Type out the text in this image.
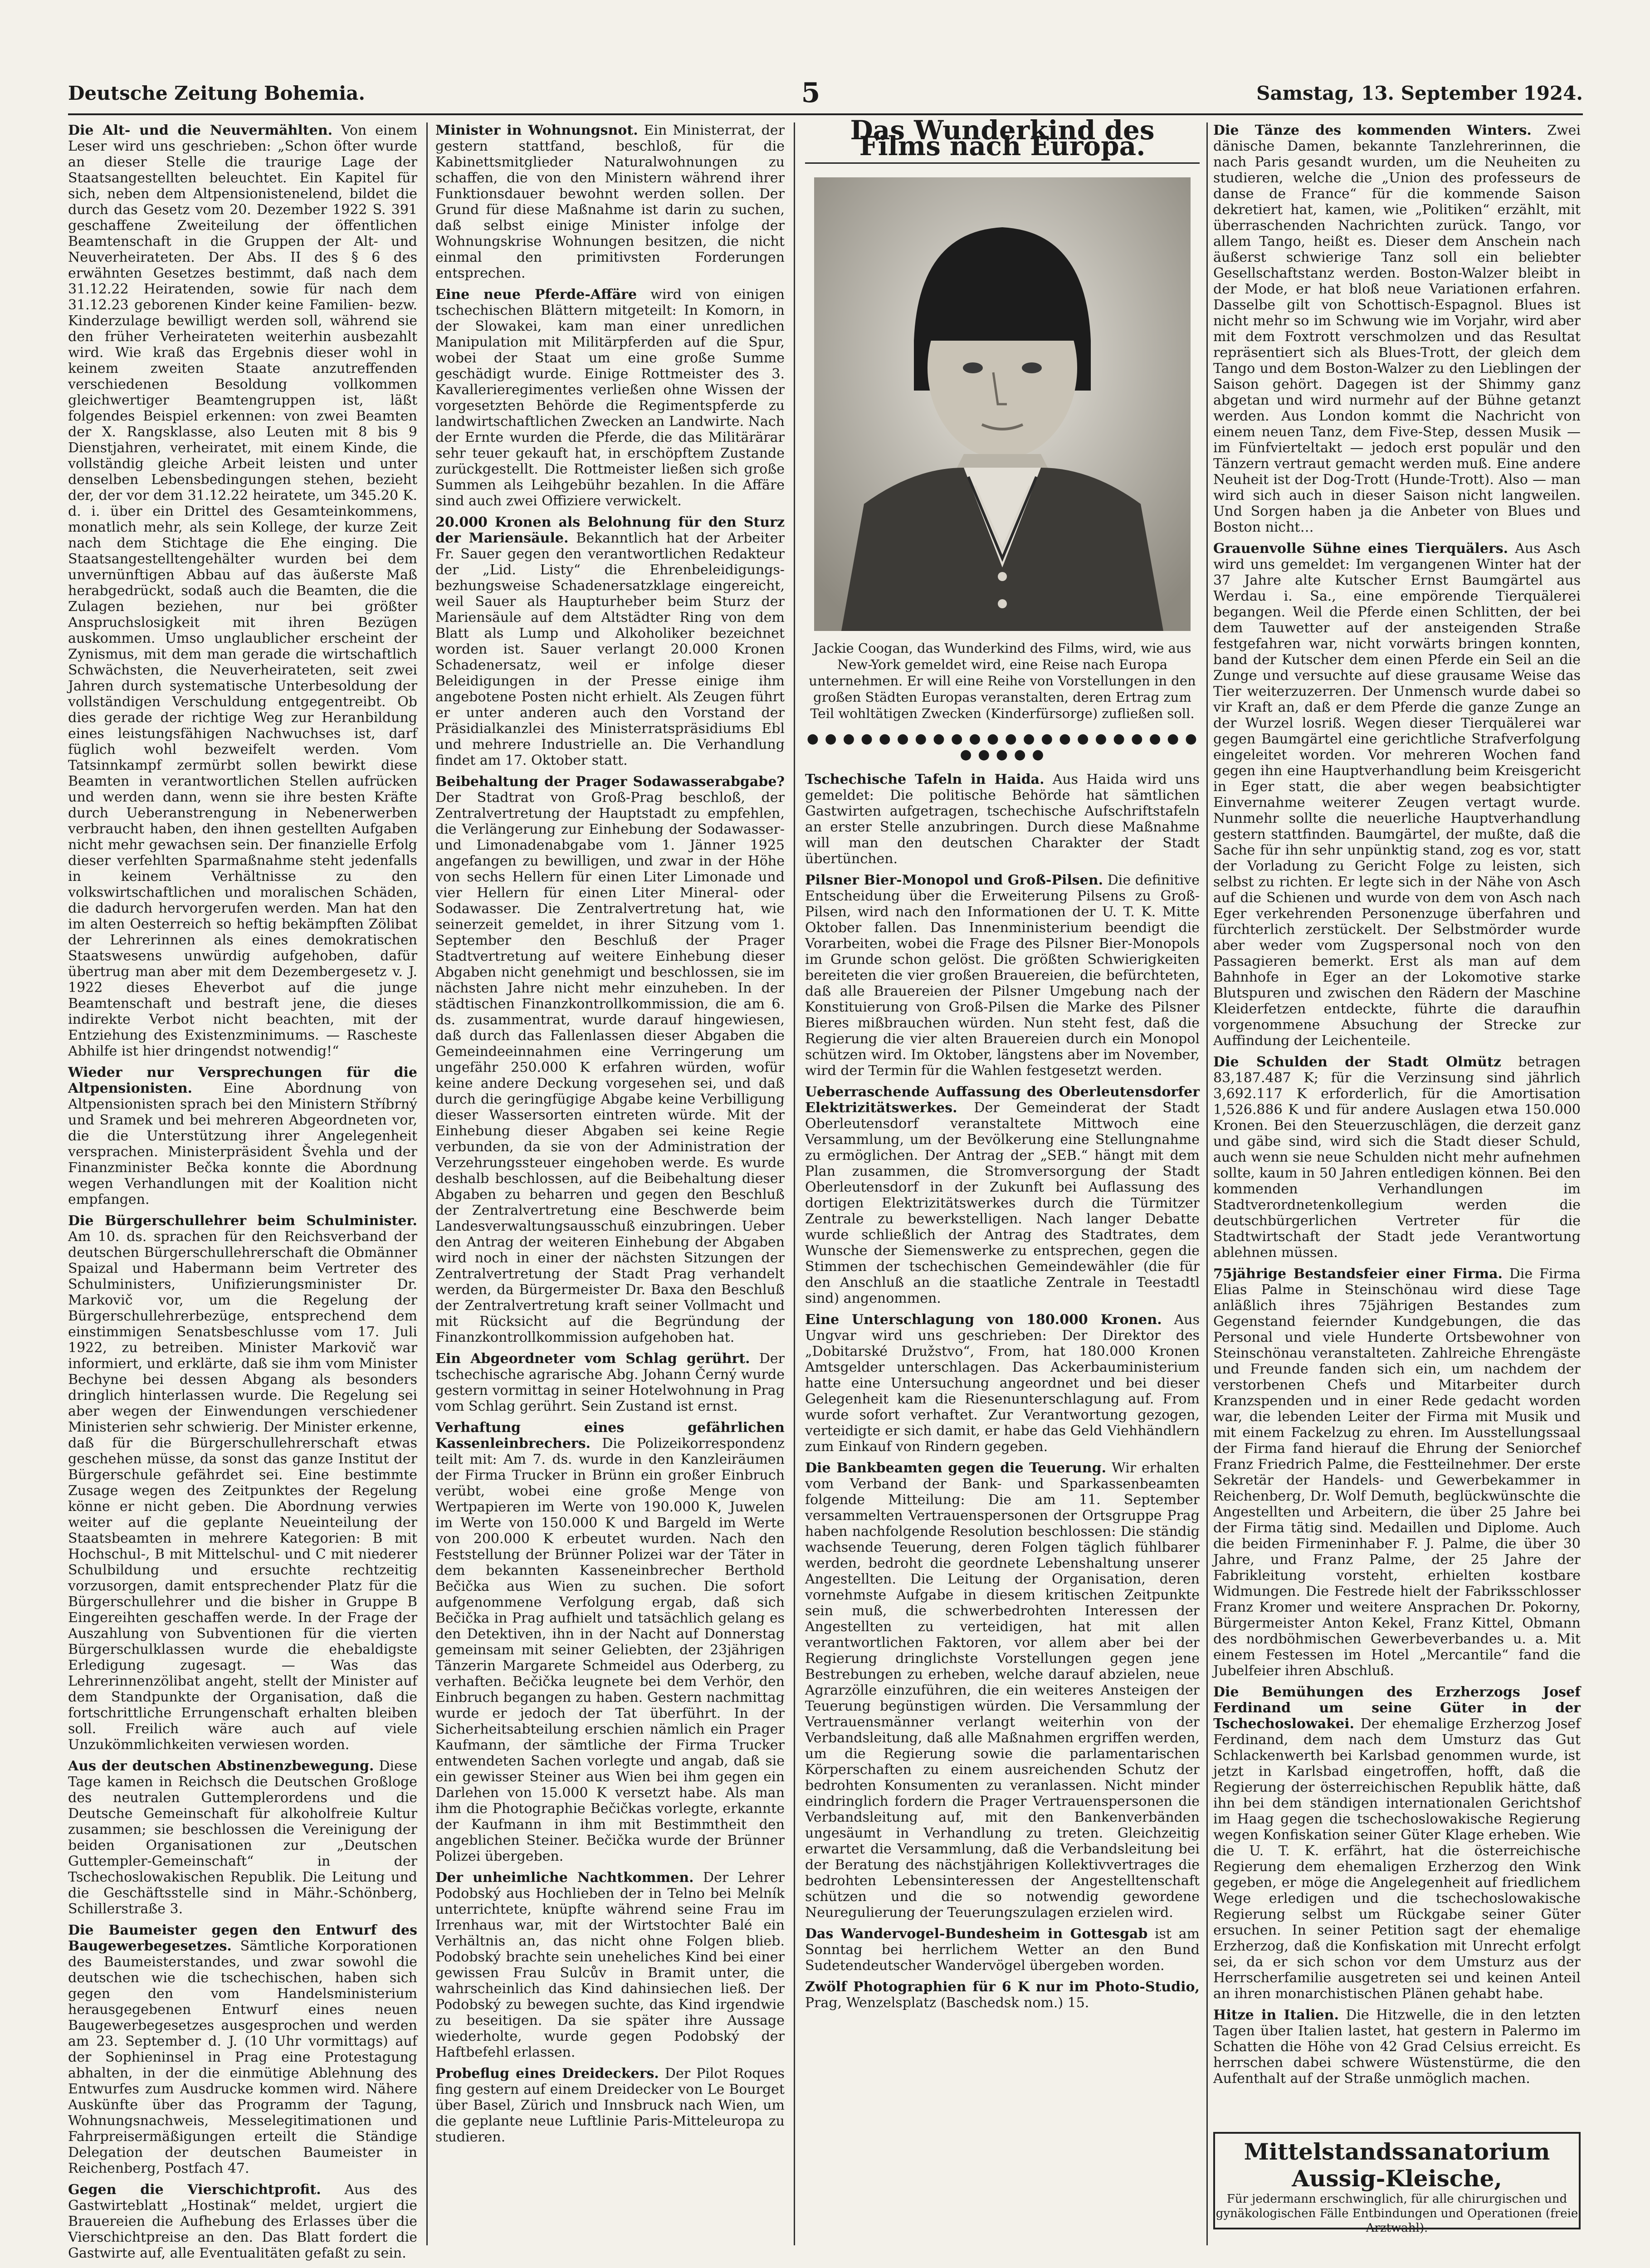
Deutsche Zeitung Bohemia.	5	Samstag, 13. September 1924.
Die Alt- und die Neuvermählten. Von einem Leser wird uns geschrieben: „Schon öfter wurde an dieser Stelle die traurige Lage der Staatsangestellten beleuchtet. Ein Kapitel für sich, neben dem Altpensionistenelend, bildet die durch das Gesetz vom 20. Dezember 1922 S. 391 geschaffene Zweiteilung der öffentlichen Beamtenschaft in die Gruppen der Alt- und Neuverheirateten. Der Abs. II des § 6 des erwähnten Gesetzes bestimmt, daß nach dem 31.12.22 Heiratenden, sowie für nach dem 31.12.23 geborenen Kinder keine Familien- bezw. Kinderzulage bewilligt werden soll, während sie den früher Verheirateten weiterhin ausbezahlt wird. Wie kraß das Ergebnis dieser wohl in keinem zweiten Staate anzutreffenden verschiedenen Besoldung vollkommen gleichwertiger Beamtengruppen ist, läßt folgendes Beispiel erkennen: von zwei Beamten der X. Rangsklasse, also Leuten mit 8 bis 9 Dienstjahren, verheiratet, mit einem Kinde, die vollständig gleiche Arbeit leisten und unter denselben Lebensbedingungen stehen, bezieht der, der vor dem 31.12.22 heiratete, um 345.20 K. d. i. über ein Drittel des Gesamteinkommens, monatlich mehr, als sein Kollege, der kurze Zeit nach dem Stichtage die Ehe einging. Die Staatsangestelltengehälter wurden bei dem unvernünftigen Abbau auf das äußerste Maß herabgedrückt, sodaß auch die Beamten, die die Zulagen beziehen, nur bei größter Anspruchslosigkeit mit ihren Bezügen auskommen. Umso unglaublicher erscheint der Zynismus, mit dem man gerade die wirtschaftlich Schwächsten, die Neuverheirateten, seit zwei Jahren durch systematische Unterbesoldung der vollständigen Verschuldung entgegentreibt. Ob dies gerade der richtige Weg zur Heranbildung eines leistungsfähigen Nachwuchses ist, darf füglich wohl bezweifelt werden. Vom Tatsinnkampf zermürbt sollen bewirkt diese Beamten in verantwortlichen Stellen aufrücken und werden dann, wenn sie ihre besten Kräfte durch Ueberanstrengung in Nebenerwerben verbraucht haben, den ihnen gestellten Aufgaben nicht mehr gewachsen sein. Der finanzielle Erfolg dieser verfehlten Sparmaßnahme steht jedenfalls in keinem Verhältnisse zu den volkswirtschaftlichen und moralischen Schäden, die dadurch hervorgerufen werden. Man hat den im alten Oesterreich so heftig bekämpften Zölibat der Lehrerinnen als eines demokratischen Staatswesens unwürdig aufgehoben, dafür übertrug man aber mit dem Dezembergesetz v. J. 1922 dieses Eheverbot auf die junge Beamtenschaft und bestraft jene, die dieses indirekte Verbot nicht beachten, mit der Entziehung des Existenzminimums. — Rascheste Abhilfe ist hier dringendst notwendig!“
Wieder nur Versprechungen für die Altpensionisten. Eine Abordnung von Altpensionisten sprach bei den Ministern Stříbrný und Sramek und bei mehreren Abgeordneten vor, die die Unterstützung ihrer Angelegenheit versprachen. Ministerpräsident Švehla und der Finanzminister Bečka konnte die Abordnung wegen Verhandlungen mit der Koalition nicht empfangen.
Die Bürgerschullehrer beim Schulminister. Am 10. ds. sprachen für den Reichsverband der deutschen Bürgerschullehrerschaft die Obmänner Spaizal und Habermann beim Vertreter des Schulministers, Unifizierungsminister Dr. Markovič vor, um die Regelung der Bürgerschullehrerbezüge, entsprechend dem einstimmigen Senatsbeschlusse vom 17. Juli 1922, zu betreiben. Minister Markovič war informiert, und erklärte, daß sie ihm vom Minister Bechyne bei dessen Abgang als besonders dringlich hinterlassen wurde. Die Regelung sei aber wegen der Einwendungen verschiedener Ministerien sehr schwierig. Der Minister erkenne, daß für die Bürgerschullehrerschaft etwas geschehen müsse, da sonst das ganze Institut der Bürgerschule gefährdet sei. Eine bestimmte Zusage wegen des Zeitpunktes der Regelung könne er nicht geben. Die Abordnung verwies weiter auf die geplante Neueinteilung der Staatsbeamten in mehrere Kategorien: B mit Hochschul-, B mit Mittelschul- und C mit niederer Schulbildung und ersuchte rechtzeitig vorzusorgen, damit entsprechender Platz für die Bürgerschullehrer und die bisher in Gruppe B Eingereihten geschaffen werde. In der Frage der Auszahlung von Subventionen für die vierten Bürgerschulklassen wurde die ehebaldigste Erledigung zugesagt. — Was das Lehrerinnenzölibat angeht, stellt der Minister auf dem Standpunkte der Organisation, daß die fortschrittliche Errungenschaft erhalten bleiben soll. Freilich wäre auch auf viele Unzukömmlichkeiten verwiesen worden.
Aus der deutschen Abstinenzbewegung. Diese Tage kamen in Reichsch die Deutschen Großloge des neutralen Guttemplerordens und die Deutsche Gemeinschaft für alkoholfreie Kultur zusammen; sie beschlossen die Vereinigung der beiden Organisationen zur „Deutschen Guttempler-Gemeinschaft“ in der Tschechoslowakischen Republik. Die Leitung und die Geschäftsstelle sind in Mähr.-Schönberg, Schillerstraße 3.
Die Baumeister gegen den Entwurf des Baugewerbegesetzes. Sämtliche Korporationen des Baumeisterstandes, und zwar sowohl die deutschen wie die tschechischen, haben sich gegen den vom Handelsministerium herausgegebenen Entwurf eines neuen Baugewerbegesetzes ausgesprochen und werden am 23. September d. J. (10 Uhr vormittags) auf der Sophieninsel in Prag eine Protestagung abhalten, in der die einmütige Ablehnung des Entwurfes zum Ausdrucke kommen wird. Nähere Auskünfte über das Programm der Tagung, Wohnungsnachweis, Messelegitimationen und Fahrpreisermäßigungen erteilt die Ständige Delegation der deutschen Baumeister in Reichenberg, Postfach 47.
Gegen die Vierschichtprofit. Aus des Gastwirteblatt „Hostinak“ meldet, urgiert die Brauereien die Aufhebung des Erlasses über die Vierschichtpreise an den. Das Blatt fordert die Gastwirte auf, alle Eventualitäten gefaßt zu sein.
Minister in Wohnungsnot. Ein Ministerrat, der gestern stattfand, beschloß, für die Kabinettsmitglieder Naturalwohnungen zu schaffen, die von den Ministern während ihrer Funktionsdauer bewohnt werden sollen. Der Grund für diese Maßnahme ist darin zu suchen, daß selbst einige Minister infolge der Wohnungskrise Wohnungen besitzen, die nicht einmal den primitivsten Forderungen entsprechen.
Eine neue Pferde-Affäre wird von einigen tschechischen Blättern mitgeteilt: In Komorn, in der Slowakei, kam man einer unredlichen Manipulation mit Militärpferden auf die Spur, wobei der Staat um eine große Summe geschädigt wurde. Einige Rottmeister des 3. Kavallerieregimentes verließen ohne Wissen der vorgesetzten Behörde die Regimentspferde zu landwirtschaftlichen Zwecken an Landwirte. Nach der Ernte wurden die Pferde, die das Militärärar sehr teuer gekauft hat, in erschöpftem Zustande zurückgestellt. Die Rottmeister ließen sich große Summen als Leihgebühr bezahlen. In die Affäre sind auch zwei Offiziere verwickelt.
20.000 Kronen als Belohnung für den Sturz der Mariensäule. Bekanntlich hat der Arbeiter Fr. Sauer gegen den verantwortlichen Redakteur der „Lid. Listy“ die Ehrenbeleidigungs- bezhungsweise Schadenersatzklage eingereicht, weil Sauer als Haupturheber beim Sturz der Mariensäule auf dem Altstädter Ring von dem Blatt als Lump und Alkoholiker bezeichnet worden ist. Sauer verlangt 20.000 Kronen Schadenersatz, weil er infolge dieser Beleidigungen in der Presse einige ihm angebotene Posten nicht erhielt. Als Zeugen führt er unter anderen auch den Vorstand der Präsidialkanzlei des Ministerratspräsidiums Ebl und mehrere Industrielle an. Die Verhandlung findet am 17. Oktober statt.
Beibehaltung der Prager Sodawasserabgabe? Der Stadtrat von Groß-Prag beschloß, der Zentralvertretung der Hauptstadt zu empfehlen, die Verlängerung zur Einhebung der Sodawasser- und Limonadenabgabe vom 1. Jänner 1925 angefangen zu bewilligen, und zwar in der Höhe von sechs Hellern für einen Liter Limonade und vier Hellern für einen Liter Mineral- oder Sodawasser. Die Zentralvertretung hat, wie seinerzeit gemeldet, in ihrer Sitzung vom 1. September den Beschluß der Prager Stadtvertretung auf weitere Einhebung dieser Abgaben nicht genehmigt und beschlossen, sie im nächsten Jahre nicht mehr einzuheben. In der städtischen Finanzkontrollkommission, die am 6. ds. zusammentrat, wurde darauf hingewiesen, daß durch das Fallenlassen dieser Abgaben die Gemeindeeinnahmen eine Verringerung um ungefähr 250.000 K erfahren würden, wofür keine andere Deckung vorgesehen sei, und daß durch die geringfügige Abgabe keine Verbilligung dieser Wassersorten eintreten würde. Mit der Einhebung dieser Abgaben sei keine Regie verbunden, da sie von der Administration der Verzehrungssteuer eingehoben werde. Es wurde deshalb beschlossen, auf die Beibehaltung dieser Abgaben zu beharren und gegen den Beschluß der Zentralvertretung eine Beschwerde beim Landesverwaltungsausschuß einzubringen. Ueber den Antrag der weiteren Einhebung der Abgaben wird noch in einer der nächsten Sitzungen der Zentralvertretung der Stadt Prag verhandelt werden, da Bürgermeister Dr. Baxa den Beschluß der Zentralvertretung kraft seiner Vollmacht und mit Rücksicht auf die Begründung der Finanzkontrollkommission aufgehoben hat.
Ein Abgeordneter vom Schlag gerührt. Der tschechische agrarische Abg. Johann Černý wurde gestern vormittag in seiner Hotelwohnung in Prag vom Schlag gerührt. Sein Zustand ist ernst.
Verhaftung eines gefährlichen Kassenleinbrechers. Die Polizeikorrespondenz teilt mit: Am 7. ds. wurde in den Kanzleiräumen der Firma Trucker in Brünn ein großer Einbruch verübt, wobei eine große Menge von Wertpapieren im Werte von 190.000 K, Juwelen im Werte von 150.000 K und Bargeld im Werte von 200.000 K erbeutet wurden. Nach den Feststellung der Brünner Polizei war der Täter in dem bekannten Kasseneinbrecher Berthold Bečička aus Wien zu suchen. Die sofort aufgenommene Verfolgung ergab, daß sich Bečička in Prag aufhielt und tatsächlich gelang es den Detektiven, ihn in der Nacht auf Donnerstag gemeinsam mit seiner Geliebten, der 23jährigen Tänzerin Margarete Schmeidel aus Oderberg, zu verhaften. Bečička leugnete bei dem Verhör, den Einbruch begangen zu haben. Gestern nachmittag wurde er jedoch der Tat überführt. In der Sicherheitsabteilung erschien nämlich ein Prager Kaufmann, der sämtliche der Firma Trucker entwendeten Sachen vorlegte und angab, daß sie ein gewisser Steiner aus Wien bei ihm gegen ein Darlehen von 15.000 K versetzt habe. Als man ihm die Photographie Bečičkas vorlegte, erkannte der Kaufmann in ihm mit Bestimmtheit den angeblichen Steiner. Bečička wurde der Brünner Polizei übergeben.
Der unheimliche Nachtkommen. Der Lehrer Podobský aus Hochlieben der in Telno bei Melník unterrichtete, knüpfte während seine Frau im Irrenhaus war, mit der Wirtstochter Balé ein Verhältnis an, das nicht ohne Folgen blieb. Podobský brachte sein uneheliches Kind bei einer gewissen Frau Sulcův in Bramit unter, die wahrscheinlich das Kind dahinsiechen ließ. Der Podobský zu bewegen suchte, das Kind irgendwie zu beseitigen. Da sie später ihre Aussage wiederholte, wurde gegen Podobský der Haftbefehl erlassen.
Probeflug eines Dreideckers. Der Pilot Roques fing gestern auf einem Dreidecker von Le Bourget über Basel, Zürich und Innsbruck nach Wien, um die geplante neue Luftlinie Paris-Mitteleuropa zu studieren.
Das Wunderkind des Films nach Europa.
Jackie Coogan, das Wunderkind des Films, wird, wie aus New-York gemeldet wird, eine Reise nach Europa unternehmen. Er will eine Reihe von Vorstellungen in den großen Städten Europas veranstalten, deren Ertrag zum Teil wohltätigen Zwecken (Kinderfürsorge) zufließen soll.
● ● ● ● ● ● ● ● ● ● ● ● ● ● ● ● ● ● ● ● ● ● ● ● ● ● ●
Tschechische Tafeln in Haida. Aus Haida wird uns gemeldet: Die politische Behörde hat sämtlichen Gastwirten aufgetragen, tschechische Aufschriftstafeln an erster Stelle anzubringen. Durch diese Maßnahme will man den deutschen Charakter der Stadt übertünchen.
Pilsner Bier-Monopol und Groß-Pilsen. Die definitive Entscheidung über die Erweiterung Pilsens zu Groß-Pilsen, wird nach den Informationen der U. T. K. Mitte Oktober fallen. Das Innenministerium beendigt die Vorarbeiten, wobei die Frage des Pilsner Bier-Monopols im Grunde schon gelöst. Die größten Schwierigkeiten bereiteten die vier großen Brauereien, die befürchteten, daß alle Brauereien der Pilsner Umgebung nach der Konstituierung von Groß-Pilsen die Marke des Pilsner Bieres mißbrauchen würden. Nun steht fest, daß die Regierung die vier alten Brauereien durch ein Monopol schützen wird. Im Oktober, längstens aber im November, wird der Termin für die Wahlen festgesetzt werden.
Ueberraschende Auffassung des Oberleutensdorfer Elektrizitätswerkes. Der Gemeinderat der Stadt Oberleutensdorf veranstaltete Mittwoch eine Versammlung, um der Bevölkerung eine Stellungnahme zu ermöglichen. Der Antrag der „SEB.“ hängt mit dem Plan zusammen, die Stromversorgung der Stadt Oberleutensdorf in der Zukunft bei Auflassung des dortigen Elektrizitätswerkes durch die Türmitzer Zentrale zu bewerkstelligen. Nach langer Debatte wurde schließlich der Antrag des Stadtrates, dem Wunsche der Siemenswerke zu entsprechen, gegen die Stimmen der tschechischen Gemeindewähler (die für den Anschluß an die staatliche Zentrale in Teestadtl sind) angenommen.
Eine Unterschlagung von 180.000 Kronen. Aus Ungvar wird uns geschrieben: Der Direktor des „Dobitarské Družstvo“, From, hat 180.000 Kronen Amtsgelder unterschlagen. Das Ackerbauministerium hatte eine Untersuchung angeordnet und bei dieser Gelegenheit kam die Riesenunterschlagung auf. From wurde sofort verhaftet. Zur Verantwortung gezogen, verteidigte er sich damit, er habe das Geld Viehhändlern zum Einkauf von Rindern gegeben.
Die Bankbeamten gegen die Teuerung. Wir erhalten vom Verband der Bank- und Sparkassenbeamten folgende Mitteilung: Die am 11. September versammelten Vertrauenspersonen der Ortsgruppe Prag haben nachfolgende Resolution beschlossen: Die ständig wachsende Teuerung, deren Folgen täglich fühlbarer werden, bedroht die geordnete Lebenshaltung unserer Angestellten. Die Leitung der Organisation, deren vornehmste Aufgabe in diesem kritischen Zeitpunkte sein muß, die schwerbedrohten Interessen der Angestellten zu verteidigen, hat mit allen verantwortlichen Faktoren, vor allem aber bei der Regierung dringlichste Vorstellungen gegen jene Bestrebungen zu erheben, welche darauf abzielen, neue Agrarzölle einzuführen, die ein weiteres Ansteigen der Teuerung begünstigen würden. Die Versammlung der Vertrauensmänner verlangt weiterhin von der Verbandsleitung, daß alle Maßnahmen ergriffen werden, um die Regierung sowie die parlamentarischen Körperschaften zu einem ausreichenden Schutz der bedrohten Konsumenten zu veranlassen. Nicht minder eindringlich fordern die Prager Vertrauenspersonen die Verbandsleitung auf, mit den Bankenverbänden ungesäumt in Verhandlung zu treten. Gleichzeitig erwartet die Versammlung, daß die Verbandsleitung bei der Beratung des nächstjährigen Kollektivvertrages die bedrohten Lebensinteressen der Angestelltenschaft schützen und die so notwendig gewordene Neuregulierung der Teuerungszulagen erzielen wird.
Das Wandervogel-Bundesheim in Gottesgab ist am Sonntag bei herrlichem Wetter an den Bund Sudetendeutscher Wandervögel übergeben worden.
Zwölf Photographien für 6 K nur im Photo-Studio, Prag, Wenzelsplatz (Baschedsk nom.) 15.
Die Tänze des kommenden Winters. Zwei dänische Damen, bekannte Tanzlehrerinnen, die nach Paris gesandt wurden, um die Neuheiten zu studieren, welche die „Union des professeurs de danse de France“ für die kommende Saison dekretiert hat, kamen, wie „Politiken“ erzählt, mit überraschenden Nachrichten zurück. Tango, vor allem Tango, heißt es. Dieser dem Anschein nach äußerst schwierige Tanz soll ein beliebter Gesellschaftstanz werden. Boston-Walzer bleibt in der Mode, er hat bloß neue Variationen erfahren. Dasselbe gilt von Schottisch-Espagnol. Blues ist nicht mehr so im Schwung wie im Vorjahr, wird aber mit dem Foxtrott verschmolzen und das Resultat repräsentiert sich als Blues-Trott, der gleich dem Tango und dem Boston-Walzer zu den Lieblingen der Saison gehört. Dagegen ist der Shimmy ganz abgetan und wird nurmehr auf der Bühne getanzt werden. Aus London kommt die Nachricht von einem neuen Tanz, dem Five-Step, dessen Musik — im Fünfvierteltakt — jedoch erst populär und den Tänzern vertraut gemacht werden muß. Eine andere Neuheit ist der Dog-Trott (Hunde-Trott). Also — man wird sich auch in dieser Saison nicht langweilen. Und Sorgen haben ja die Anbeter von Blues und Boston nicht…
Grauenvolle Sühne eines Tierquälers. Aus Asch wird uns gemeldet: Im vergangenen Winter hat der 37 Jahre alte Kutscher Ernst Baumgärtel aus Werdau i. Sa., eine empörende Tierquälerei begangen. Weil die Pferde einen Schlitten, der bei dem Tauwetter auf der ansteigenden Straße festgefahren war, nicht vorwärts bringen konnten, band der Kutscher dem einen Pferde ein Seil an die Zunge und versuchte auf diese grausame Weise das Tier weiterzuzerren. Der Unmensch wurde dabei so vir Kraft an, daß er dem Pferde die ganze Zunge an der Wurzel losriß. Wegen dieser Tierquälerei war gegen Baumgärtel eine gerichtliche Strafverfolgung eingeleitet worden. Vor mehreren Wochen fand gegen ihn eine Hauptverhandlung beim Kreisgericht in Eger statt, die aber wegen beabsichtigter Einvernahme weiterer Zeugen vertagt wurde. Nunmehr sollte die neuerliche Hauptverhandlung gestern stattfinden. Baumgärtel, der mußte, daß die Sache für ihn sehr unpünktig stand, zog es vor, statt der Vorladung zu Gericht Folge zu leisten, sich selbst zu richten. Er legte sich in der Nähe von Asch auf die Schienen und wurde von dem von Asch nach Eger verkehrenden Personenzuge überfahren und fürchterlich zerstückelt. Der Selbstmörder wurde aber weder vom Zugspersonal noch von den Passagieren bemerkt. Erst als man auf dem Bahnhofe in Eger an der Lokomotive starke Blutspuren und zwischen den Rädern der Maschine Kleiderfetzen entdeckte, führte die daraufhin vorgenommene Absuchung der Strecke zur Auffindung der Leichenteile.
Die Schulden der Stadt Olmütz betragen 83,187.487 K; für die Verzinsung sind jährlich 3,692.117 K erforderlich, für die Amortisation 1,526.886 K und für andere Auslagen etwa 150.000 Kronen. Bei den Steuerzuschlägen, die derzeit ganz und gäbe sind, wird sich die Stadt dieser Schuld, auch wenn sie neue Schulden nicht mehr aufnehmen sollte, kaum in 50 Jahren entledigen können. Bei den kommenden Verhandlungen im Stadtverordnetenkollegium werden die deutschbürgerlichen Vertreter für die Stadtwirtschaft der Stadt jede Verantwortung ablehnen müssen.
75jährige Bestandsfeier einer Firma. Die Firma Elias Palme in Steinschönau wird diese Tage anläßlich ihres 75jährigen Bestandes zum Gegenstand feiernder Kundgebungen, die das Personal und viele Hunderte Ortsbewohner von Steinschönau veranstalteten. Zahlreiche Ehrengäste und Freunde fanden sich ein, um nachdem der verstorbenen Chefs und Mitarbeiter durch Kranzspenden und in einer Rede gedacht worden war, die lebenden Leiter der Firma mit Musik und mit einem Fackelzug zu ehren. Im Ausstellungssaal der Firma fand hierauf die Ehrung der Seniorchef Franz Friedrich Palme, die Festteilnehmer. Der erste Sekretär der Handels- und Gewerbekammer in Reichenberg, Dr. Wolf Demuth, beglückwünschte die Angestellten und Arbeitern, die über 25 Jahre bei der Firma tätig sind. Medaillen und Diplome. Auch die beiden Firmeninhaber F. J. Palme, die über 30 Jahre, und Franz Palme, der 25 Jahre der Fabrikleitung vorsteht, erhielten kostbare Widmungen. Die Festrede hielt der Fabriksschlosser Franz Kromer und weitere Ansprachen Dr. Pokorny, Bürgermeister Anton Kekel, Franz Kittel, Obmann des nordböhmischen Gewerbeverbandes u. a. Mit einem Festessen im Hotel „Mercantile“ fand die Jubelfeier ihren Abschluß.
Die Bemühungen des Erzherzogs Josef Ferdinand um seine Güter in der Tschechoslowakei. Der ehemalige Erzherzog Josef Ferdinand, dem nach dem Umsturz das Gut Schlackenwerth bei Karlsbad genommen wurde, ist jetzt in Karlsbad eingetroffen, hofft, daß die Regierung der österreichischen Republik hätte, daß ihn bei dem ständigen internationalen Gerichtshof im Haag gegen die tschechoslowakische Regierung wegen Konfiskation seiner Güter Klage erheben. Wie die U. T. K. erfährt, hat die österreichische Regierung dem ehemaligen Erzherzog den Wink gegeben, er möge die Angelegenheit auf friedlichem Wege erledigen und die tschechoslowakische Regierung selbst um Rückgabe seiner Güter ersuchen. In seiner Petition sagt der ehemalige Erzherzog, daß die Konfiskation mit Unrecht erfolgt sei, da er sich schon vor dem Umsturz aus der Herrscherfamilie ausgetreten sei und keinen Anteil an ihren monarchistischen Plänen gehabt habe.
Hitze in Italien. Die Hitzwelle, die in den letzten Tagen über Italien lastet, hat gestern in Palermo im Schatten die Höhe von 42 Grad Celsius erreicht. Es herrschen dabei schwere Wüstenstürme, die den Aufenthalt auf der Straße unmöglich machen.
Mittelstandssanatorium Aussig-Kleische,
Für jedermann erschwinglich, für alle chirurgischen und gynäkologischen Fälle Entbindungen und Operationen (freie Arztwahl).
